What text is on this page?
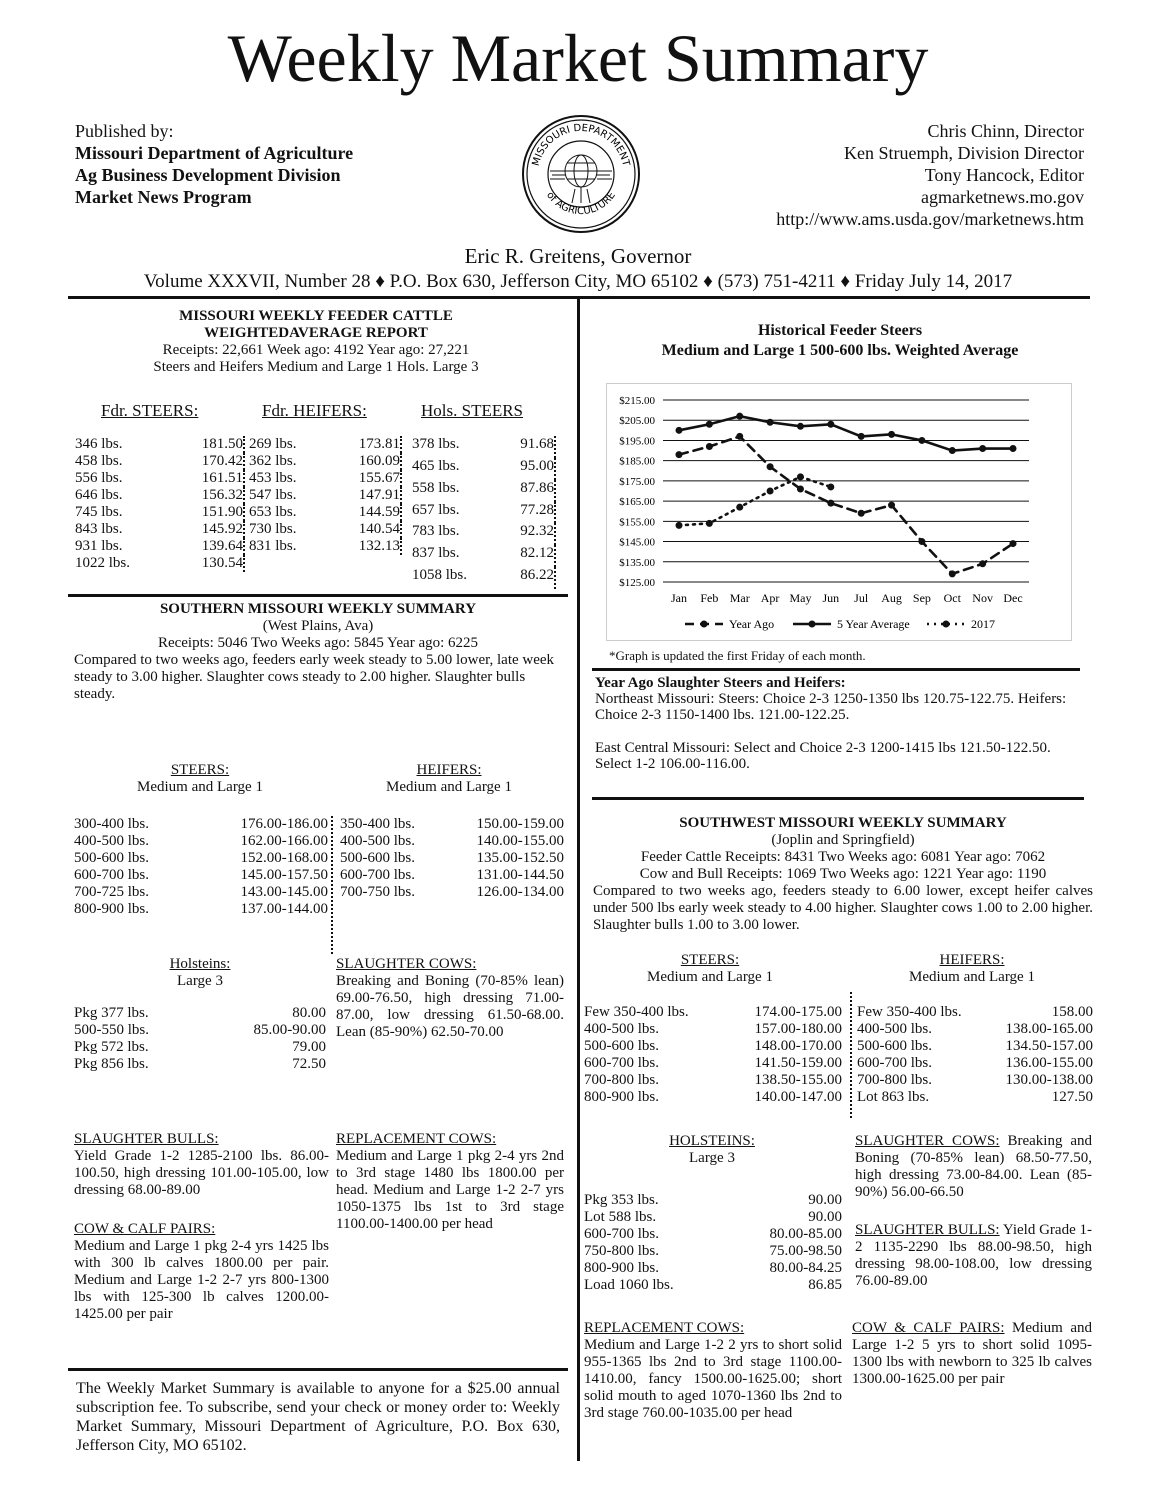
Weekly Market Summary
Published by:
Missouri Department of Agriculture
Ag Business Development Division
Market News Program
MISSOURI DEPARTMENT
of AGRICULTURE
Chris Chinn, Director
Ken Struemph, Division Director
Tony Hancock, Editor
agmarketnews.mo.gov
http://www.ams.usda.gov/marketnews.htm
Eric R. Greitens, Governor
Volume XXXVII, Number 28 ♦ P.O. Box 630, Jefferson City, MO 65102 ♦ (573) 751-4211 ♦ Friday July 14, 2017
MISSOURI WEEKLY FEEDER CATTLE
WEIGHTEDAVERAGE REPORT
Receipts: 22,661 Week ago: 4192 Year ago: 27,221
Steers and Heifers Medium and Large 1 Hols. Large 3
Fdr. STEERS:	Fdr. HEIFERS:	Hols. STEERS
346 lbs.	181.50
458 lbs.	170.42
556 lbs.	161.51
646 lbs.	156.32
745 lbs.	151.90
843 lbs.	145.92
931 lbs.	139.64
1022 lbs.	130.54
269 lbs.	173.81
362 lbs.	160.09
453 lbs.	155.67
547 lbs.	147.91
653 lbs.	144.59
730 lbs.	140.54
831 lbs.	132.13
378 lbs.	91.68
465 lbs.	95.00
558 lbs.	87.86
657 lbs.	77.28
783 lbs.	92.32
837 lbs.	82.12
1058 lbs.	86.22
SOUTHERN MISSOURI WEEKLY SUMMARY
(West Plains, Ava)
Receipts: 5046 Two Weeks ago: 5845 Year ago: 6225
Compared to two weeks ago, feeders early week steady to 5.00 lower, late week steady to 3.00 higher. Slaughter cows steady to 2.00 higher. Slaughter bulls steady.
STEERS:
Medium and Large 1
HEIFERS:
Medium and Large 1
300-400 lbs.	176.00-186.00
400-500 lbs.	162.00-166.00
500-600 lbs.	152.00-168.00
600-700 lbs.	145.00-157.50
700-725 lbs.	143.00-145.00
800-900 lbs.	137.00-144.00
350-400 lbs.	150.00-159.00
400-500 lbs.	140.00-155.00
500-600 lbs.	135.00-152.50
600-700 lbs.	131.00-144.50
700-750 lbs.	126.00-134.00
Holsteins:
Large 3
Pkg 377 lbs.	80.00
500-550 lbs.	85.00-90.00
Pkg 572 lbs.	79.00
Pkg 856 lbs.	72.50
SLAUGHTER COWS:
Breaking and Boning (70-85% lean) 69.00-76.50, high dressing 71.00-87.00, low dressing 61.50-68.00. Lean (85-90%) 62.50-70.00
SLAUGHTER BULLS:
Yield Grade 1-2 1285-2100 lbs. 86.00-100.50, high dressing 101.00-105.00, low dressing 68.00-89.00
REPLACEMENT COWS:
Medium and Large 1 pkg 2-4 yrs 2nd to 3rd stage 1480 lbs 1800.00 per head. Medium and Large 1-2 2-7 yrs 1050-1375 lbs 1st to 3rd stage 1100.00-1400.00 per head
COW & CALF PAIRS:
Medium and Large 1 pkg 2-4 yrs 1425 lbs with 300 lb calves 1800.00 per pair. Medium and Large 1-2 2-7 yrs 800-1300 lbs with 125-300 lb calves 1200.00-1425.00 per pair
The Weekly Market Summary is available to anyone for a $25.00 annual subscription fee. To subscribe, send your check or money order to: Weekly Market Summary, Missouri Department of Agriculture, P.O. Box 630, Jefferson City, MO 65102.
Historical Feeder Steers
Medium and Large 1 500-600 lbs. Weighted Average
$215.00
$205.00
$195.00
$185.00
$175.00
$165.00
$155.00
$145.00
$135.00
$125.00
Jan Feb Mar Apr May Jun Jul Aug Sep Oct Nov Dec
Year Ago	5 Year Average	2017
*Graph is updated the first Friday of each month.
Year Ago Slaughter Steers and Heifers:
Northeast Missouri: Steers: Choice 2-3 1250-1350 lbs 120.75-122.75. Heifers: Choice 2-3 1150-1400 lbs. 121.00-122.25.
East Central Missouri: Select and Choice 2-3 1200-1415 lbs 121.50-122.50. Select 1-2 106.00-116.00.
SOUTHWEST MISSOURI WEEKLY SUMMARY
(Joplin and Springfield)
Feeder Cattle Receipts: 8431 Two Weeks ago: 6081 Year ago: 7062
Cow and Bull Receipts: 1069 Two Weeks ago: 1221 Year ago: 1190
Compared to two weeks ago, feeders steady to 6.00 lower, except heifer calves under 500 lbs early week steady to 4.00 higher. Slaughter cows 1.00 to 2.00 higher. Slaughter bulls 1.00 to 3.00 lower.
STEERS:
Medium and Large 1
HEIFERS:
Medium and Large 1
Few 350-400 lbs.	174.00-175.00
400-500 lbs.	157.00-180.00
500-600 lbs.	148.00-170.00
600-700 lbs.	141.50-159.00
700-800 lbs.	138.50-155.00
800-900 lbs.	140.00-147.00
Few 350-400 lbs.	158.00
400-500 lbs.	138.00-165.00
500-600 lbs.	134.50-157.00
600-700 lbs.	136.00-155.00
700-800 lbs.	130.00-138.00
Lot 863 lbs.	127.50
HOLSTEINS:
Large 3
Pkg 353 lbs.	90.00
Lot 588 lbs.	90.00
600-700 lbs.	80.00-85.00
750-800 lbs.	75.00-98.50
800-900 lbs.	80.00-84.25
Load 1060 lbs.	86.85
SLAUGHTER COWS: Breaking and Boning (70-85% lean) 68.50-77.50, high dressing 73.00-84.00. Lean (85-90%) 56.00-66.50
SLAUGHTER BULLS: Yield Grade 1-2 1135-2290 lbs 88.00-98.50, high dressing 98.00-108.00, low dressing 76.00-89.00
REPLACEMENT COWS:
Medium and Large 1-2 2 yrs to short solid 955-1365 lbs 2nd to 3rd stage 1100.00-1410.00, fancy 1500.00-1625.00; short solid mouth to aged 1070-1360 lbs 2nd to 3rd stage 760.00-1035.00 per head
COW & CALF PAIRS: Medium and Large 1-2 5 yrs to short solid 1095-1300 lbs with newborn to 325 lb calves 1300.00-1625.00 per pair
